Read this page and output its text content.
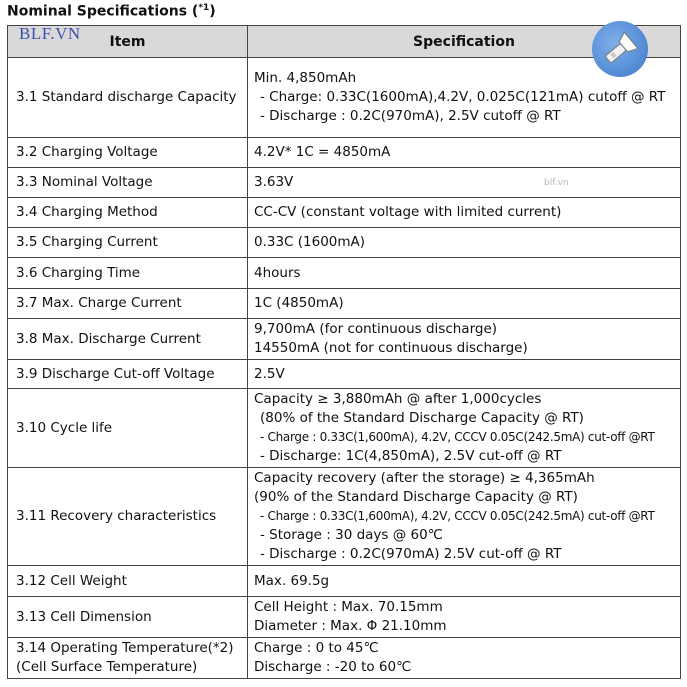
Nominal Specifications ($^{*1}$)
BLF.VN
blf.vn
Item	Specification
3.1 Standard discharge Capacity	Min. 4,850mAh
- Charge: 0.33C(1600mA),4.2V, 0.025C(121mA) cutoff @ RT
- Discharge : 0.2C(970mA), 2.5V cutoff @ RT

3.2 Charging Voltage	4.2V* 1C = 4850mA

3.3 Nominal Voltage	3.63V

3.4 Charging Method	CC-CV (constant voltage with limited current)

3.5 Charging Current	0.33C (1600mA)

3.6 Charging Time	4hours

3.7 Max. Charge Current	1C (4850mA)

3.8 Max. Discharge Current	9,700mA (for continuous discharge)
14550mA (not for continuous discharge)

3.9 Discharge Cut-off Voltage	2.5V

3.10 Cycle life	Capacity ≥ 3,880mAh @ after 1,000cycles
(80% of the Standard Discharge Capacity @ RT)
- Charge : 0.33C(1,600mA), 4.2V, CCCV 0.05C(242.5mA) cut-off @RT
- Discharge: 1C(4,850mA), 2.5V cut-off @ RT

3.11 Recovery characteristics	Capacity recovery (after the storage) ≥ 4,365mAh
(90% of the Standard Discharge Capacity @ RT)
- Charge : 0.33C(1,600mA), 4.2V, CCCV 0.05C(242.5mA) cut-off @RT
- Storage : 30 days @ 60℃
- Discharge : 0.2C(970mA) 2.5V cut-off @ RT

3.12 Cell Weight	Max. 69.5g

3.13 Cell Dimension	Cell Height : Max. 70.15mm
Diameter : Max. Φ 21.10mm

3.14 Operating Temperature(*2)
(Cell Surface Temperature)	Charge : 0 to 45℃
Discharge : -20 to 60℃
